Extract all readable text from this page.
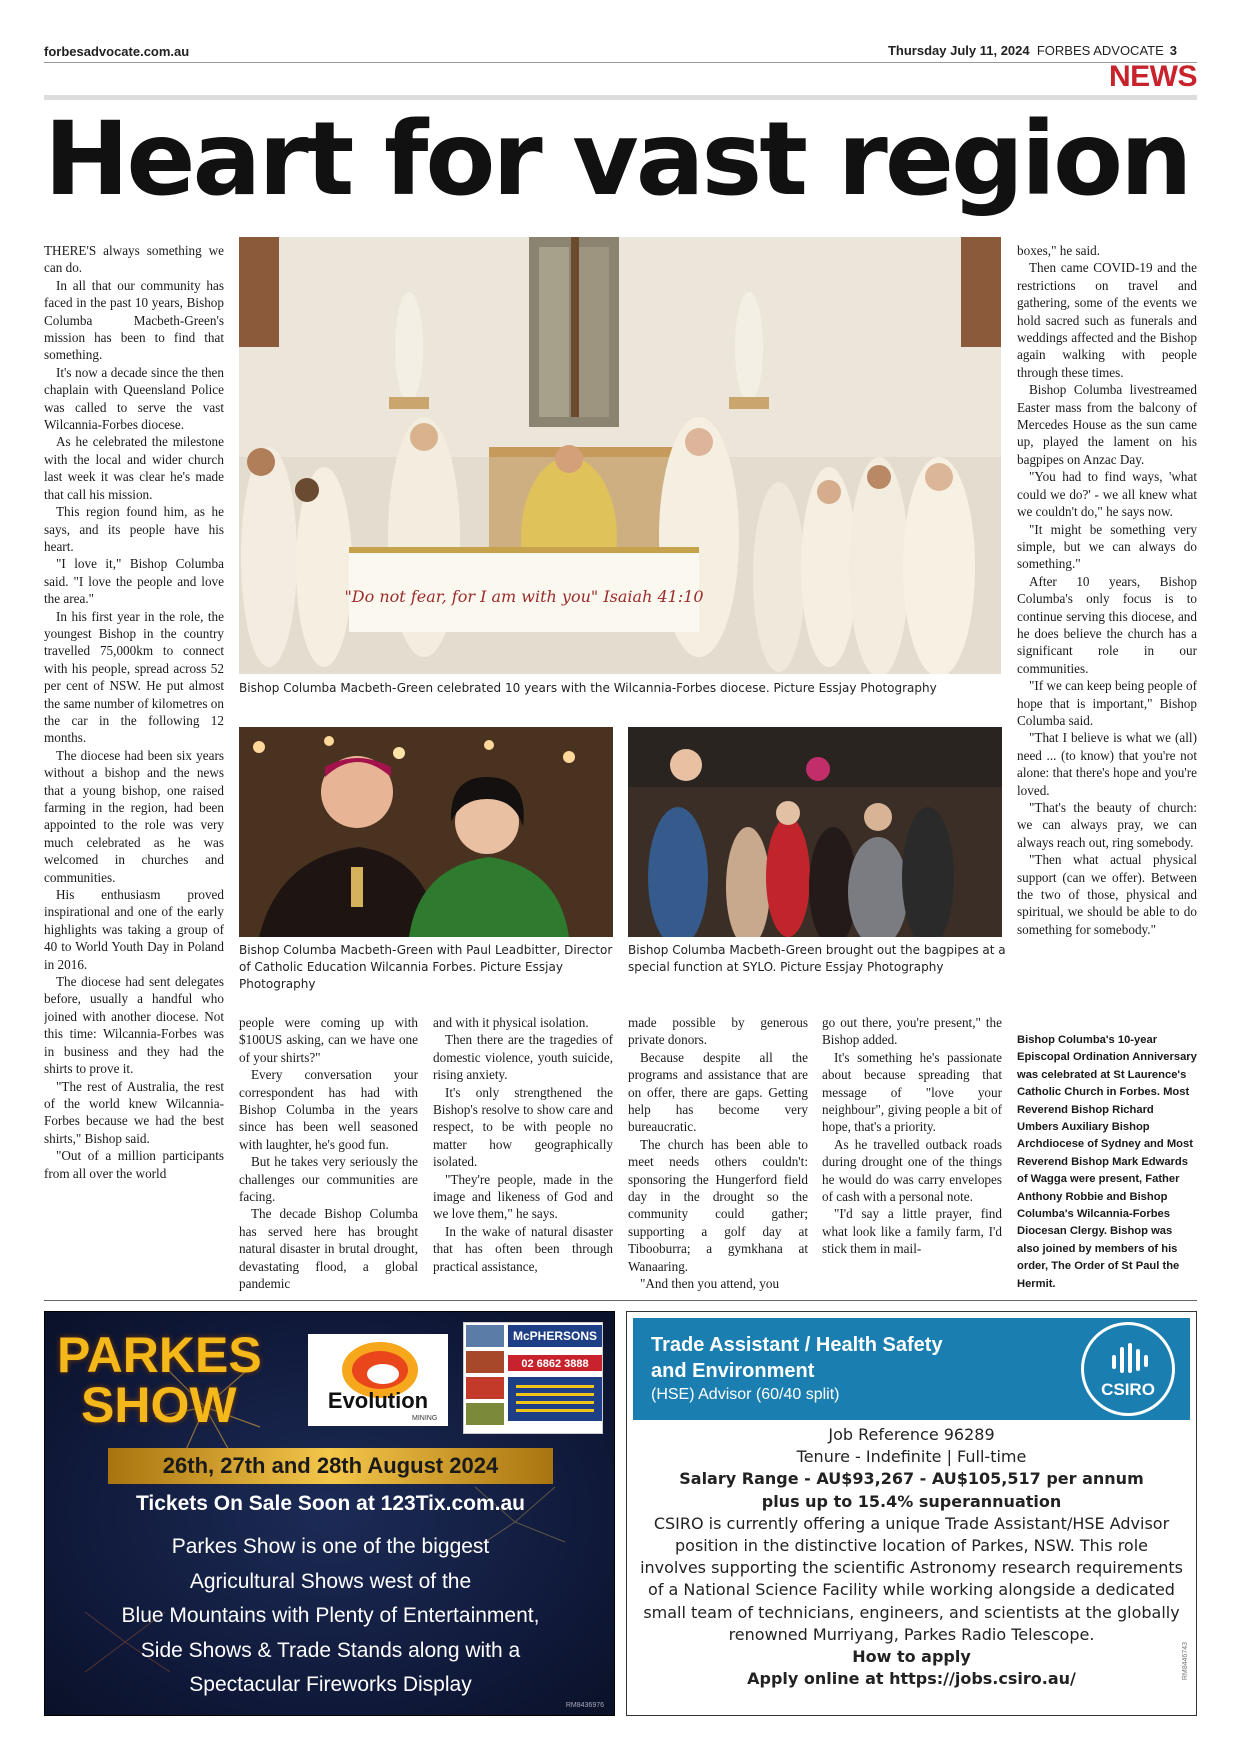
forbesadvocate.com.au	Thursday July 11, 2024 FORBES ADVOCATE 3
NEWS
Heart for vast region

THERE'S always something we can do.

In all that our community has faced in the past 10 years, Bishop Columba Macbeth-Green's mission has been to find that something.

It's now a decade since the then chaplain with Queensland Police was called to serve the vast Wilcannia-Forbes diocese.

As he celebrated the milestone with the local and wider church last week it was clear he's made that call his mission.

This region found him, as he says, and its people have his heart.

"I love it," Bishop Columba said. "I love the people and love the area."

In his first year in the role, the youngest Bishop in the country travelled 75,000km to connect with his people, spread across 52 per cent of NSW. He put almost the same number of kilometres on the car in the following 12 months.

The diocese had been six years without a bishop and the news that a young bishop, one raised farming in the region, had been appointed to the role was very much celebrated as he was welcomed in churches and communities.

His enthusiasm proved inspirational and one of the early highlights was taking a group of 40 to World Youth Day in Poland in 2016.

The diocese had sent delegates before, usually a handful who joined with another diocese. Not this time: Wilcannia-Forbes was in business and they had the shirts to prove it.

"The rest of Australia, the rest of the world knew Wilcannia-Forbes because we had the best shirts," Bishop said.

"Out of a million participants from all over the world

people were coming up with $100US asking, can we have one of your shirts?"

Every conversation your correspondent has had with Bishop Columba in the years since has been well seasoned with laughter, he's good fun.

But he takes very seriously the challenges our communities are facing.

The decade Bishop Columba has served here has brought natural disaster in brutal drought, devastating flood, a global pandemic

and with it physical isolation.

Then there are the tragedies of domestic violence, youth suicide, rising anxiety.

It's only strengthened the Bishop's resolve to show care and respect, to be with people no matter how geographically isolated.

"They're people, made in the image and likeness of God and we love them," he says.

In the wake of natural disaster that has often been through practical assistance,

made possible by generous private donors.

Because despite all the programs and assistance that are on offer, there are gaps. Getting help has become very bureaucratic.

The church has been able to meet needs others couldn't: sponsoring the Hungerford field day in the drought so the community could gather; supporting a golf day at Tibooburra; a gymkhana at Wanaaring.

"And then you attend, you

go out there, you're present," the Bishop added.

It's something he's passionate about because spreading that message of "love your neighbour", giving people a bit of hope, that's a priority.

As he travelled outback roads during drought one of the things he would do was carry envelopes of cash with a personal note.

"I'd say a little prayer, find what look like a family farm, I'd stick them in mail-

boxes," he said.

Then came COVID-19 and the restrictions on travel and gathering, some of the events we hold sacred such as funerals and weddings affected and the Bishop again walking with people through these times.

Bishop Columba livestreamed Easter mass from the balcony of Mercedes House as the sun came up, played the lament on his bagpipes on Anzac Day.

"You had to find ways, 'what could we do?' - we all knew what we couldn't do," he says now.

"It might be something very simple, but we can always do something."

After 10 years, Bishop Columba's only focus is to continue serving this diocese, and he does believe the church has a significant role in our communities.

"If we can keep being people of hope that is important," Bishop Columba said.

"That I believe is what we (all) need ... (to know) that you're not alone: that there's hope and you're loved.

"That's the beauty of church: we can always pray, we can always reach out, ring somebody.

"Then what actual physical support (can we offer). Between the two of those, physical and spiritual, we should be able to do something for somebody."

Bishop Columba's 10-year Episcopal Ordination Anniversary was celebrated at St Laurence's Catholic Church in Forbes. Most Reverend Bishop Richard Umbers Auxiliary Bishop Archdiocese of Sydney and Most Reverend Bishop Mark Edwards of Wagga were present, Father Anthony Robbie and Bishop Columba's Wilcannia-Forbes Diocesan Clergy. Bishop was also joined by members of his order, The Order of St Paul the Hermit.
"Do not fear, for I am with you" Isaiah 41:10
Bishop Columba Macbeth-Green celebrated 10 years with the Wilcannia-Forbes diocese. Picture Essjay Photography
Bishop Columba Macbeth-Green with Paul Leadbitter, Director of Catholic Education Wilcannia Forbes. Picture Essjay Photography
Bishop Columba Macbeth-Green brought out the bagpipes at a special function at SYLO. Picture Essjay Photography
PARKES
SHOW	Evolution
MINING
McPHERSONS
02 6862 3888
26th, 27th and 28th August 2024
Tickets On Sale Soon at 123Tix.com.au
Parkes Show is one of the biggest
Agricultural Shows west of the
Blue Mountains with Plenty of Entertainment,
Side Shows & Trade Stands along with a
Spectacular Fireworks Display
RM8436976
Trade Assistant / Health Safety
and Environment
(HSE) Advisor (60/40 split)	CSIRO
Job Reference 96289
Tenure - Indefinite | Full-time
Salary Range - AU$93,267 - AU$105,517 per annum
plus up to 15.4% superannuation
CSIRO is currently offering a unique Trade Assistant/HSE Advisor
position in the distinctive location of Parkes, NSW. This role
involves supporting the scientific Astronomy research requirements
of a National Science Facility while working alongside a dedicated
small team of technicians, engineers, and scientists at the globally
renowned Murriyang, Parkes Radio Telescope.
How to apply
Apply online at https://jobs.csiro.au/	RM8446743
